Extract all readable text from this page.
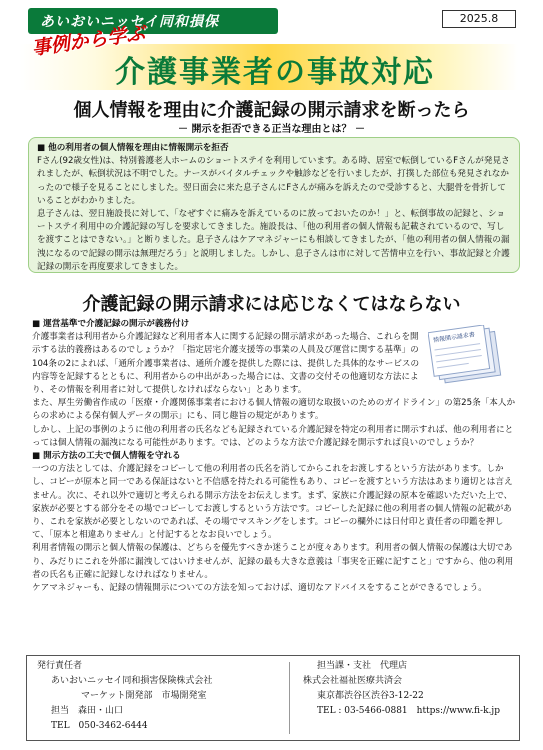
あいおいニッセイ同和損保	2025.8
事例から学ぶ
介護事業者の事故対応
個人情報を理由に介護記録の開示請求を断ったら
－ 開示を拒否できる正当な理由とは？ －

■ 他の利用者の個人情報を理由に情報開示を拒否

Fさん(92歳女性)は、特別養護老人ホームのショートステイを利用しています。ある時、居室で転倒しているFさんが発見されましたが、転倒状況は不明でした。ナースがバイタルチェックや触診などを行いましたが、打撲した部位も発見されなかったので様子を見ることにしました。翌日面会に来た息子さんにFさんが痛みを訴えたので受診すると、大腿骨を骨折していることがわかりました。

息子さんは、翌日施設長に対して、「なぜすぐに痛みを訴えているのに放っておいたのか！」と、転倒事故の記録と、ショートステイ利用中の介護記録の写しを要求してきました。施設長は、「他の利用者の個人情報も記載されているので、写しを渡すことはできない。」と断りました。息子さんはケアマネジャーにも相談してきましたが、「他の利用者の個人情報の漏洩になるので記録の開示は無理だろう」と説明しました。しかし、息子さんは市に対して苦情申立を行い、事故記録と介護記録の開示を再度要求してきました。

介護記録の開示請求には応じなくてはならない
情報開示請求書

■ 運営基準で介護記録の開示が義務付け

介護事業者は利用者から介護記録など利用者本人に関する記録の開示請求があった場合、これらを開示する法的義務はあるのでしょうか？「指定居宅介護支援等の事業の人員及び運営に関する基準」の104条の2によれば、「通所介護事業者は、通所介護を提供した際には、提供した具体的なサービスの内容等を記録するとともに、利用者からの申出があった場合には、文書の交付その他適切な方法により、その情報を利用者に対して提供しなければならない」とあります。

また、厚生労働省作成の「医療・介護関係事業者における個人情報の適切な取扱いのためのガイドライン」の第25条「本人からの求めによる保有個人データの開示」にも、同じ趣旨の規定があります。

しかし、上記の事例のように他の利用者の氏名なども記録されている介護記録を特定の利用者に開示すれば、他の利用者にとっては個人情報の漏洩になる可能性があります。では、どのような方法で介護記録を開示すれば良いのでしょうか？

■ 開示方法の工夫で個人情報を守れる

一つの方法としては、介護記録をコピーして他の利用者の氏名を消してからこれをお渡しするという方法があります。しかし、コピーが原本と同一である保証はないと不信感を持たれる可能性もあり、コピーを渡すという方法はあまり適切とは言えません。次に、それ以外で適切と考えられる開示方法をお伝えします。まず、家族に介護記録の原本を確認いただいた上で、家族が必要とする部分をその場でコピーしてお渡しするという方法です。コピーした記録に他の利用者の個人情報の記載があり、これを家族が必要としないのであれば、その場でマスキングをします。コピーの欄外には日付印と責任者の印鑑を押して、「原本と相違ありません」と付記するとなお良いでしょう。

利用者情報の開示と個人情報の保護は、どちらを優先すべきか迷うことが度々あります。利用者の個人情報の保護は大切であり、みだりにこれを外部に漏洩してはいけませんが、記録の最も大きな意義は「事実を正確に記すこと」ですから、他の利用者の氏名も正確に記録しなければなりません。

ケアマネジャーも、記録の情報開示についての方法を知っておけば、適切なアドバイスをすることができるでしょう。

発行責任者

あいおいニッセイ同和損害保険株式会社

マーケット開発部　市場開発室

担当　森田・山口

TEL　050-3462-6444

担当課・支社　代理店

株式会社福祉医療共済会

東京都渋谷区渋谷3-12-22

TEL : 03-5466-0881　https://www.fi-k.jp
